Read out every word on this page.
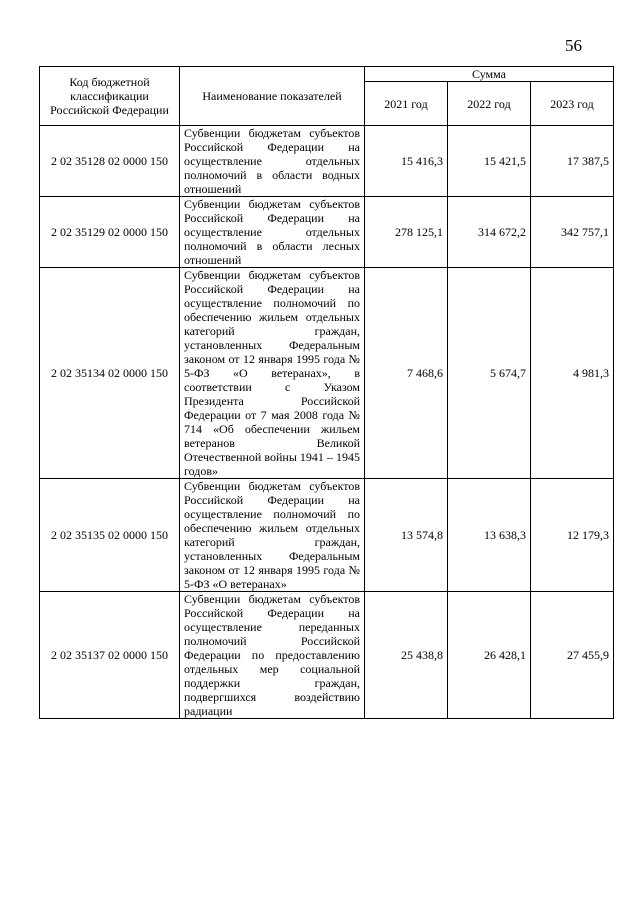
56
Код бюджетной классификации Российской Федерации	Наименование показателей	Сумма		
		2021 год	2022 год	2023 год
2 02 35128 02 0000 150	Субвенции бюджетам субъектов Российской Федерации на осуществление отдельных полномочий в области водных отношений	15 416,3	15 421,5	17 387,5
2 02 35129 02 0000 150	Субвенции бюджетам субъектов Российской Федерации на осуществление отдельных полномочий в области лесных отношений	278 125,1	314 672,2	342 757,1
2 02 35134 02 0000 150	Субвенции бюджетам субъектов Российской Федерации на осуществление полномочий по обеспечению жильем отдельных категорий граждан, установленных Федеральным законом от 12 января 1995 года № 5-ФЗ «О ветеранах», в соответствии с Указом Президента Российской Федерации от 7 мая 2008 года № 714 «Об обеспечении жильем ветеранов Великой Отечественной войны 1941 – 1945 годов»	7 468,6	5 674,7	4 981,3
2 02 35135 02 0000 150	Субвенции бюджетам субъектов Российской Федерации на осуществление полномочий по обеспечению жильем отдельных категорий граждан, установленных Федеральным законом от 12 января 1995 года № 5-ФЗ «О ветеранах»	13 574,8	13 638,3	12 179,3
2 02 35137 02 0000 150	Субвенции бюджетам субъектов Российской Федерации на осуществление переданных полномочий Российской Федерации по предоставлению отдельных мер социальной поддержки граждан, подвергшихся воздействию радиации	25 438,8	26 428,1	27 455,9
